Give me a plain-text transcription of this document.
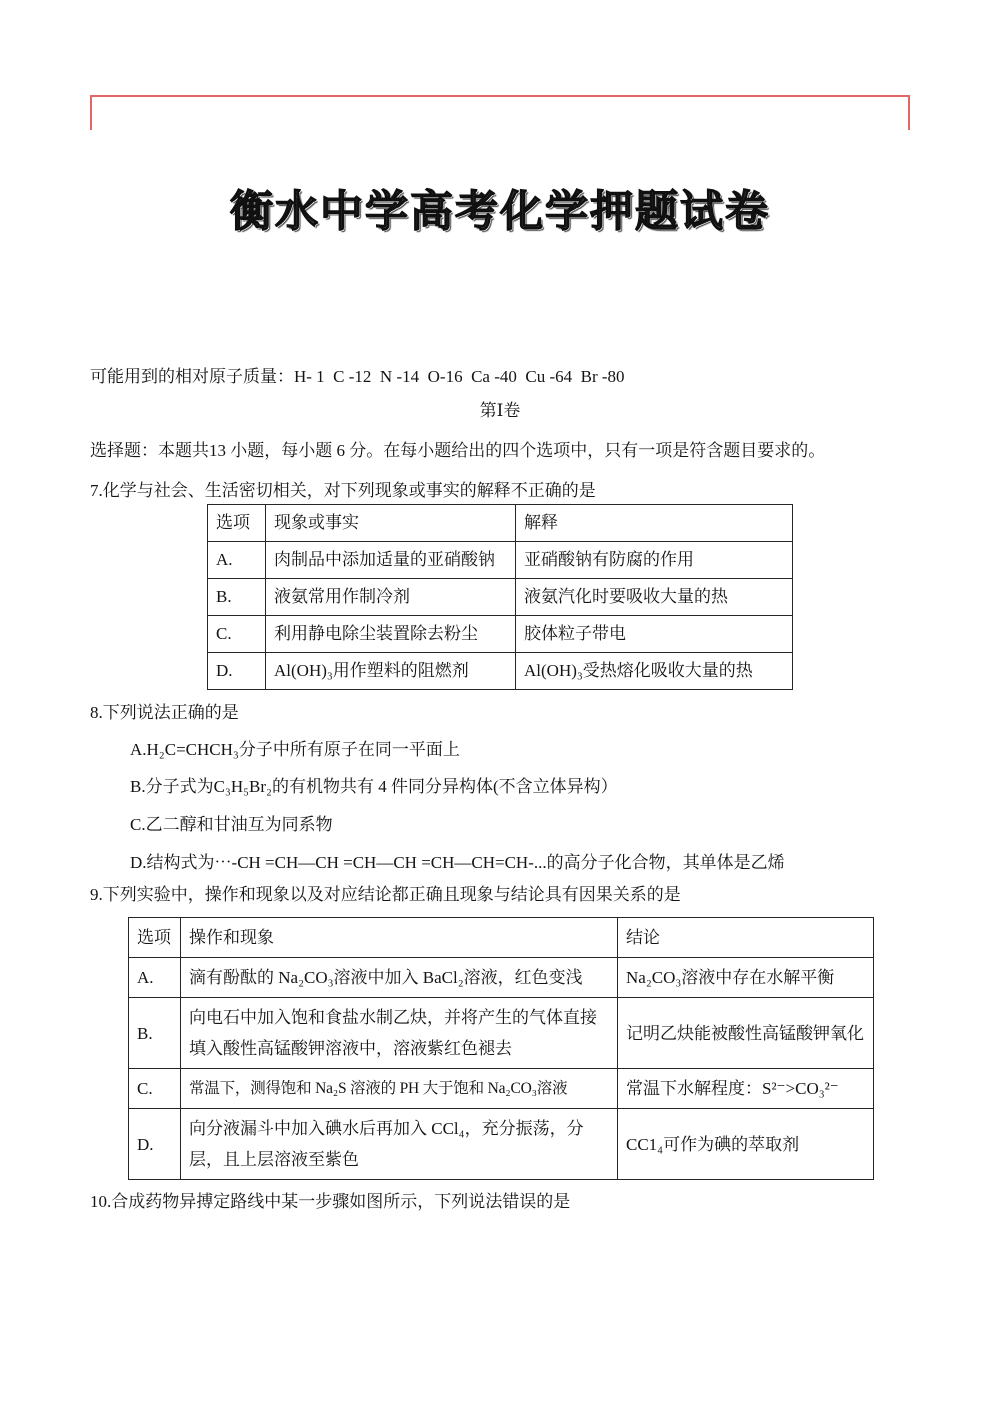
衡水中学高考化学押题试卷
可能用到的相对原子质量：H- 1  C -12  N -14  O-16  Ca -40  Cu -64  Br -80
第Ⅰ卷
选择题：本题共13 小题，每小题 6 分。在每小题给出的四个选项中，只有一项是符含题目要求的。
7.化学与社会、生活密切相关，对下列现象或事实的解释不正确的是
选项	现象或事实	解释
A.	肉制品中添加适量的亚硝酸钠	亚硝酸钠有防腐的作用
B.	液氨常用作制冷剂	液氨汽化时要吸收大量的热
C.	利用静电除尘装置除去粉尘	胶体粒子带电
D.	Al(OH)₃用作塑料的阻燃剂	Al(OH)₃受热熔化吸收大量的热
8.下列说法正确的是
A.H₂C=CHCH₃分子中所有原子在同一平面上
B.分子式为C₃H₅Br₂的有机物共有 4 件同分异构体(不含立体异构）
C.乙二醇和甘油互为同系物
D.结构式为⋯-CH =CH—CH =CH—CH =CH—CH=CH-...的高分子化合物，其单体是乙烯
9.下列实验中，操作和现象以及对应结论都正确且现象与结论具有因果关系的是
选项	操作和现象	结论
A.	滴有酚酞的 Na₂CO₃溶液中加入 BaCl₂溶液，红色变浅	Na₂CO₃溶液中存在水解平衡
B.	向电石中加入饱和食盐水制乙炔，并将产生的气体直接填入酸性高锰酸钾溶液中，溶液紫红色褪去	记明乙炔能被酸性高锰酸钾氧化
C.	常温下，测得饱和 Na₂S 溶液的 PH 大于饱和 Na₂CO₃溶液	常温下水解程度：S²⁻>CO₃²⁻
D.	向分液漏斗中加入碘水后再加入 CCl₄，充分振荡，分层，且上层溶液至紫色	CC1₄可作为碘的萃取剂
10.合成药物异搏定路线中某一步骤如图所示，下列说法错误的是
